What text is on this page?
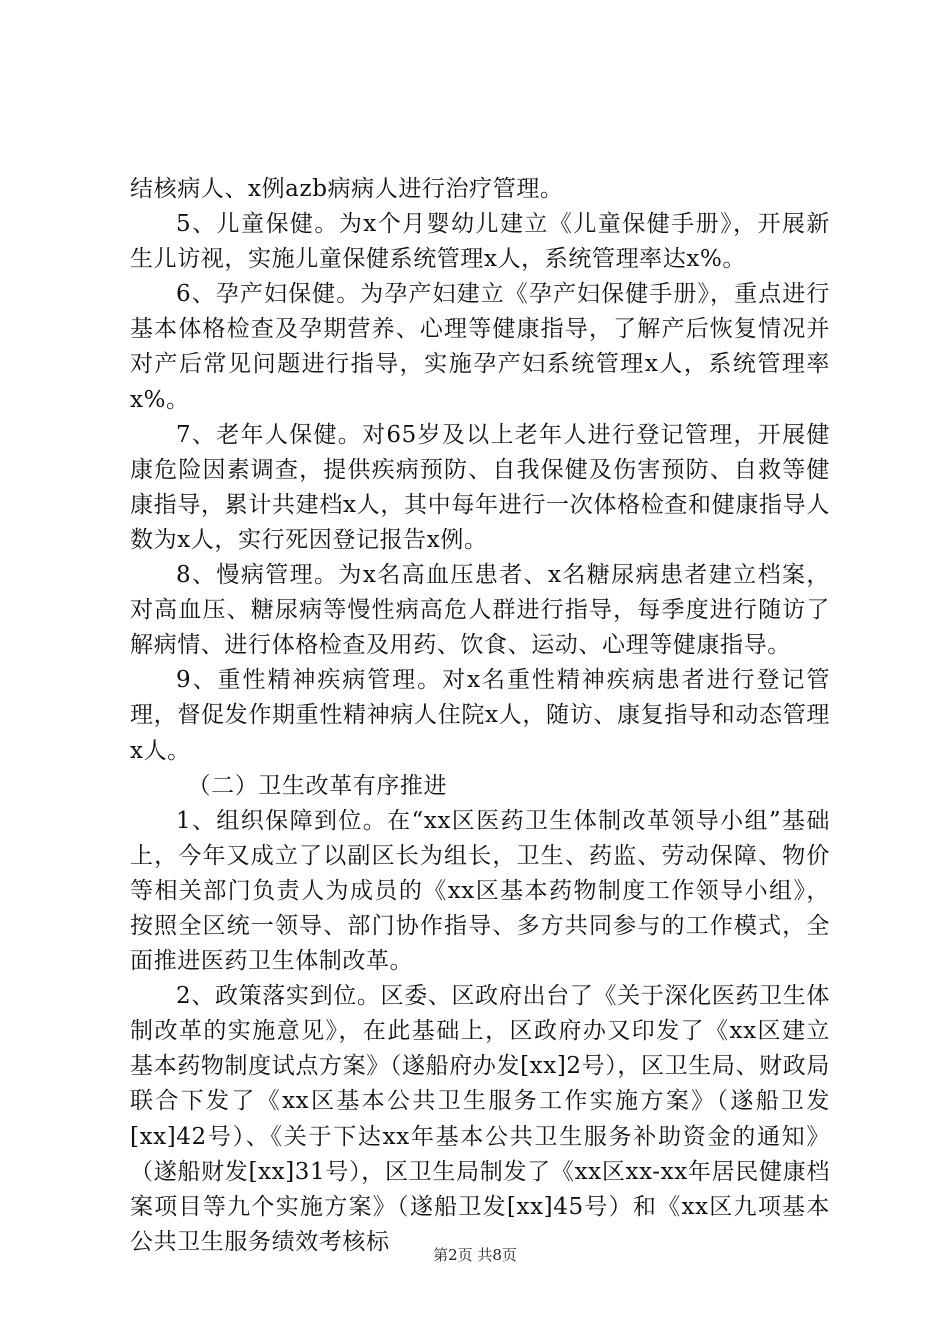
结核病人、x例azb病病人进行治疗管理。

5、儿童保健。为x个月婴幼儿建立《儿童保健手册》，开展新生儿访视，实施儿童保健系统管理x人，系统管理率达x%。

6、孕产妇保健。为孕产妇建立《孕产妇保健手册》，重点进行基本体格检查及孕期营养、心理等健康指导，了解产后恢复情况并对产后常见问题进行指导，实施孕产妇系统管理x人，系统管理率x%。

7、老年人保健。对65岁及以上老年人进行登记管理，开展健康危险因素调查，提供疾病预防、自我保健及伤害预防、自救等健康指导，累计共建档x人，其中每年进行一次体格检查和健康指导人数为x人，实行死因登记报告x例。

8、慢病管理。为x名高血压患者、x名糖尿病患者建立档案，对高血压、糖尿病等慢性病高危人群进行指导，每季度进行随访了解病情、进行体格检查及用药、饮食、运动、心理等健康指导。

9、重性精神疾病管理。对x名重性精神疾病患者进行登记管理，督促发作期重性精神病人住院x人，随访、康复指导和动态管理x人。

（二）卫生改革有序推进

1、组织保障到位。在“xx区医药卫生体制改革领导小组”基础上，今年又成立了以副区长为组长，卫生、药监、劳动保障、物价等相关部门负责人为成员的《xx区基本药物制度工作领导小组》，按照全区统一领导、部门协作指导、多方共同参与的工作模式，全面推进医药卫生体制改革。

2、政策落实到位。区委、区政府出台了《关于深化医药卫生体制改革的实施意见》，在此基础上，区政府办又印发了《xx区建立基本药物制度试点方案》（遂船府办发[xx]2号），区卫生局、财政局联合下发了《xx区基本公共卫生服务工作实施方案》（遂船卫发[xx]42号）、《关于下达xx年基本公共卫生服务补助资金的通知》（遂船财发[xx]31号），区卫生局制发了《xx区xx-xx年居民健康档案项目等九个实施方案》（遂船卫发[xx]45号）和《xx区九项基本公共卫生服务绩效考核标

第2页 共8页
